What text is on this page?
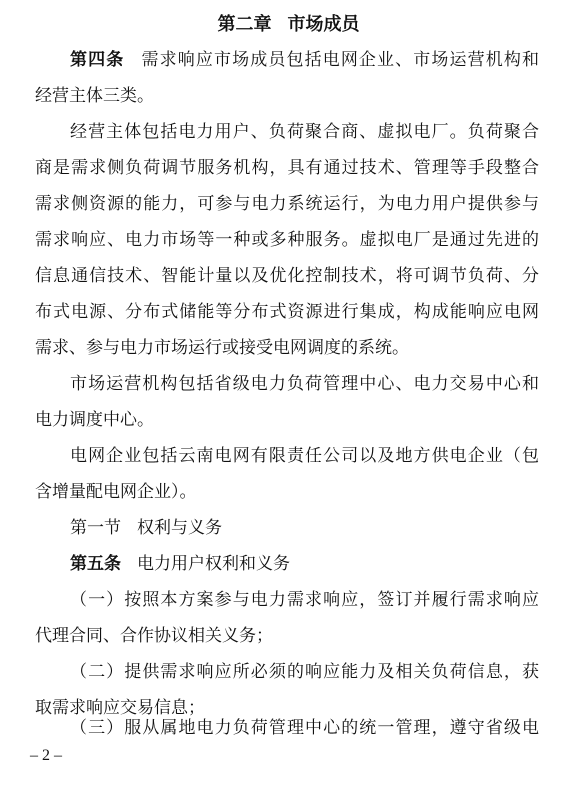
第二章 市场成员
第四条 需求响应市场成员包括电网企业、市场运营机构和
经营主体三类。
经营主体包括电力用户、负荷聚合商、虚拟电厂。负荷聚合
商是需求侧负荷调节服务机构，具有通过技术、管理等手段整合
需求侧资源的能力，可参与电力系统运行，为电力用户提供参与
需求响应、电力市场等一种或多种服务。虚拟电厂是通过先进的
信息通信技术、智能计量以及优化控制技术，将可调节负荷、分
布式电源、分布式储能等分布式资源进行集成，构成能响应电网
需求、参与电力市场运行或接受电网调度的系统。
市场运营机构包括省级电力负荷管理中心、电力交易中心和
电力调度中心。
电网企业包括云南电网有限责任公司以及地方供电企业（包
含增量配电网企业）。
第一节 权利与义务
第五条 电力用户权利和义务
（一）按照本方案参与电力需求响应，签订并履行需求响应
代理合同、合作协议相关义务；
（二）提供需求响应所必须的响应能力及相关负荷信息，获
取需求响应交易信息；
（三）服从属地电力负荷管理中心的统一管理，遵守省级电
– 2 –
